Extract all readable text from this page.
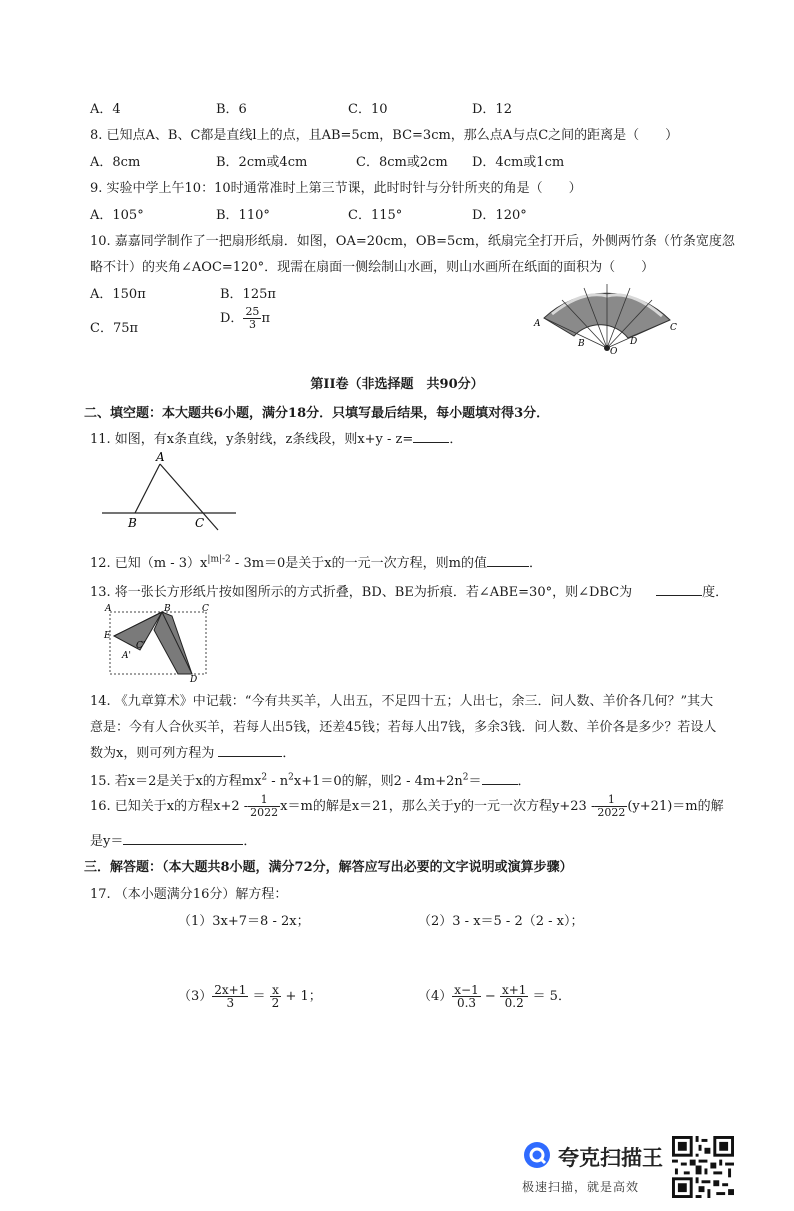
A．4	B．6	C．10	D．12
8. 已知点A、B、C都是直线l上的点，且AB=5cm，BC=3cm，那么点A与点C之间的距离是（　　）
A．8cm	B．2cm或4cm	C．8cm或2cm D．4cm或1cm
9. 实验中学上午10：10时通常准时上第三节课，此时时针与分针所夹的角是（　　）
A．105°	B．110°	C．115°	D．120°
10. 嘉嘉同学制作了一把扇形纸扇．如图，OA=20cm，OB=5cm，纸扇完全打开后，外侧两竹条（竹条宽度忽
略不计）的夹角∠AOC=120°．现需在扇面一侧绘制山水画，则山水画所在纸面的面积为（　　）
A．150π	B．125π
C．75π
D． $\frac{25}{3}$ π	A
B
O
D
C
第II卷（非选择题　共90分）
二、填空题：本大题共6小题，满分18分．只填写最后结果，每小题填对得3分．
11. 如图，有x条直线，y条射线，z条线段，则x+y - z=	．
A
B	C
12. 已知$(m - 3)x^{|m|-2} - 3m=0$是关于x的一元一次方程，则m的值	．
13. 将一张长方形纸片按如图所示的方式折叠，BD、BE为折痕．若∠ABE=30°，则∠DBC为	度．
A	B	C
E
A'
C'
D
14. 《九章算术》中记载：“今有共买羊，人出五，不足四十五；人出七，余三．问人数、羊价各几何？”其大
意是：今有人合伙买羊，若每人出5钱，还差45钱；若每人出7钱，多余3钱．问人数、羊价各是多少？若设人
数为x，则可列方程为	．
15. 若x＝2是关于x的方程$mx^2 - n^2x+1=0$的解，则$2 - 4m+2n^2=$	．
16. 已知关于x的方程$x+2 - \frac{1}{2022} x=m$的解是x＝21，那么关于y的一元一次方程$y+23 - \frac{1}{2022} (y+21)=m$的解
是y＝	．
三．解答题：（本大题共8小题，满分72分，解答应写出必要的文字说明或演算步骤）
17. （本小题满分16分）解方程：
（1）3x+7＝8 - 2x；	（2）3 - x＝5 - 2（2 - x）；
$(3) \frac{2x+1}{3} = \frac{x}{2} + 1$；	$(4) \frac{x-1}{0.3} - \frac{x+1}{0.2} = 5$．
夸克扫描王
极速扫描，就是高效
